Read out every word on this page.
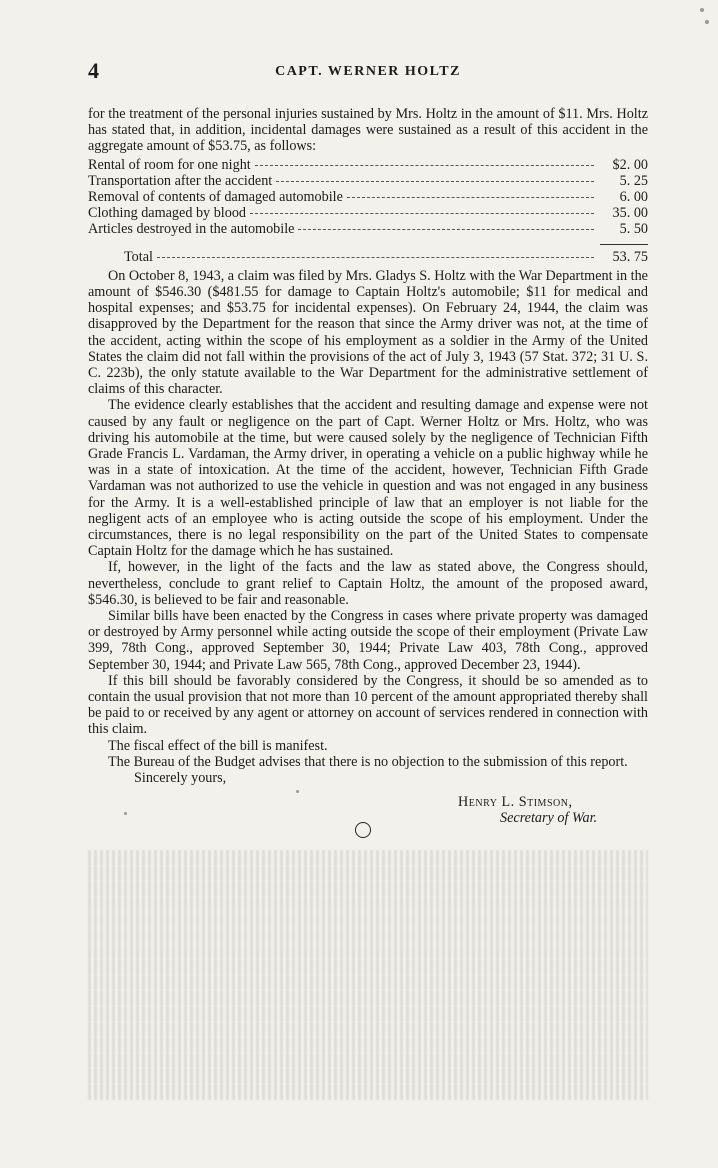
4	CAPT. WERNER HOLTZ

for the treatment of the personal injuries sustained by Mrs. Holtz in the amount of $11. Mrs. Holtz has stated that, in addition, incidental damages were sustained as a result of this accident in the aggregate amount of $53.75, as follows:

Rental of room for one night	$2. 00
Transportation after the accident	5. 25
Removal of contents of damaged automobile	6. 00
Clothing damaged by blood	35. 00
Articles destroyed in the automobile	5. 50
Total	53. 75

On October 8, 1943, a claim was filed by Mrs. Gladys S. Holtz with the War Department in the amount of $546.30 ($481.55 for damage to Captain Holtz's automobile; $11 for medical and hospital expenses; and $53.75 for incidental expenses). On February 24, 1944, the claim was disapproved by the Department for the reason that since the Army driver was not, at the time of the accident, acting within the scope of his employment as a soldier in the Army of the United States the claim did not fall within the provisions of the act of July 3, 1943 (57 Stat. 372; 31 U. S. C. 223b), the only statute available to the War Department for the administrative settlement of claims of this character.

The evidence clearly establishes that the accident and resulting damage and expense were not caused by any fault or negligence on the part of Capt. Werner Holtz or Mrs. Holtz, who was driving his automobile at the time, but were caused solely by the negligence of Technician Fifth Grade Francis L. Vardaman, the Army driver, in operating a vehicle on a public highway while he was in a state of intoxication. At the time of the accident, however, Technician Fifth Grade Vardaman was not authorized to use the vehicle in question and was not engaged in any business for the Army. It is a well-established principle of law that an employer is not liable for the negligent acts of an employee who is acting outside the scope of his employment. Under the circumstances, there is no legal responsibility on the part of the United States to compensate Captain Holtz for the damage which he has sustained.

If, however, in the light of the facts and the law as stated above, the Congress should, nevertheless, conclude to grant relief to Captain Holtz, the amount of the proposed award, $546.30, is believed to be fair and reasonable.

Similar bills have been enacted by the Congress in cases where private property was damaged or destroyed by Army personnel while acting outside the scope of their employment (Private Law 399, 78th Cong., approved September 30, 1944; Private Law 403, 78th Cong., approved September 30, 1944; and Private Law 565, 78th Cong., approved December 23, 1944).

If this bill should be favorably considered by the Congress, it should be so amended as to contain the usual provision that not more than 10 percent of the amount appropriated thereby shall be paid to or received by any agent or attorney on account of services rendered in connection with this claim.

The fiscal effect of the bill is manifest.

The Bureau of the Budget advises that there is no objection to the submission of this report.

Sincerely yours,
Henry L. Stimson,
Secretary of War.
